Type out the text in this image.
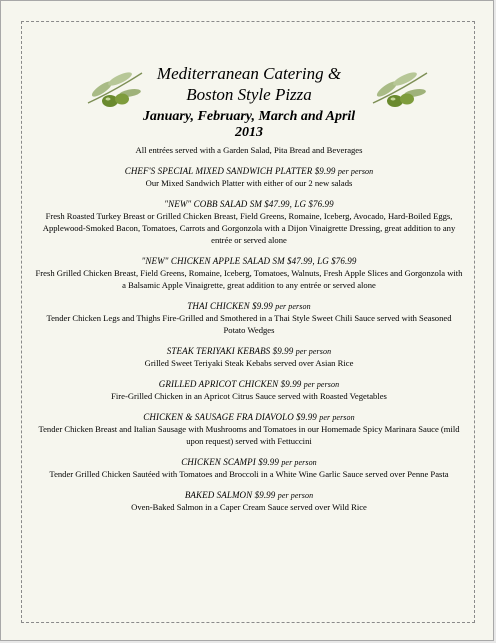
Mediterranean Catering &
Boston Style Pizza
January, February, March and April
2013
All entrées served with a Garden Salad, Pita Bread and Beverages
CHEF'S SPECIAL MIXED SANDWICH PLATTER $9.99 per person
Our Mixed Sandwich Platter with either of our 2 new salads
"NEW" COBB SALAD SM $47.99, LG $76.99
Fresh Roasted Turkey Breast or Grilled Chicken Breast, Field Greens, Romaine, Iceberg, Avocado, Hard-Boiled Eggs, Applewood-Smoked Bacon, Tomatoes, Carrots and Gorgonzola with a Dijon Vinaigrette Dressing, great addition to any entrée or served alone
"NEW" CHICKEN APPLE SALAD SM $47.99, LG $76.99
Fresh Grilled Chicken Breast, Field Greens, Romaine, Iceberg, Tomatoes, Walnuts, Fresh Apple Slices and Gorgonzola with a Balsamic Apple Vinaigrette, great addition to any entrée or served alone
THAI CHICKEN $9.99 per person
Tender Chicken Legs and Thighs Fire-Grilled and Smothered in a Thai Style Sweet Chili Sauce served with Seasoned Potato Wedges
STEAK TERIYAKI KEBABS $9.99 per person
Grilled Sweet Teriyaki Steak Kebabs served over Asian Rice
GRILLED APRICOT CHICKEN $9.99 per person
Fire-Grilled Chicken in an Apricot Citrus Sauce served with Roasted Vegetables
CHICKEN & SAUSAGE FRA DIAVOLO $9.99 per person
Tender Chicken Breast and Italian Sausage with Mushrooms and Tomatoes in our Homemade Spicy Marinara Sauce (mild upon request) served with Fettuccini
CHICKEN SCAMPI $9.99 per person
Tender Grilled Chicken Sautéed with Tomatoes and Broccoli in a White Wine Garlic Sauce served over Penne Pasta
BAKED SALMON $9.99 per person
Oven-Baked Salmon in a Caper Cream Sauce served over Wild Rice
